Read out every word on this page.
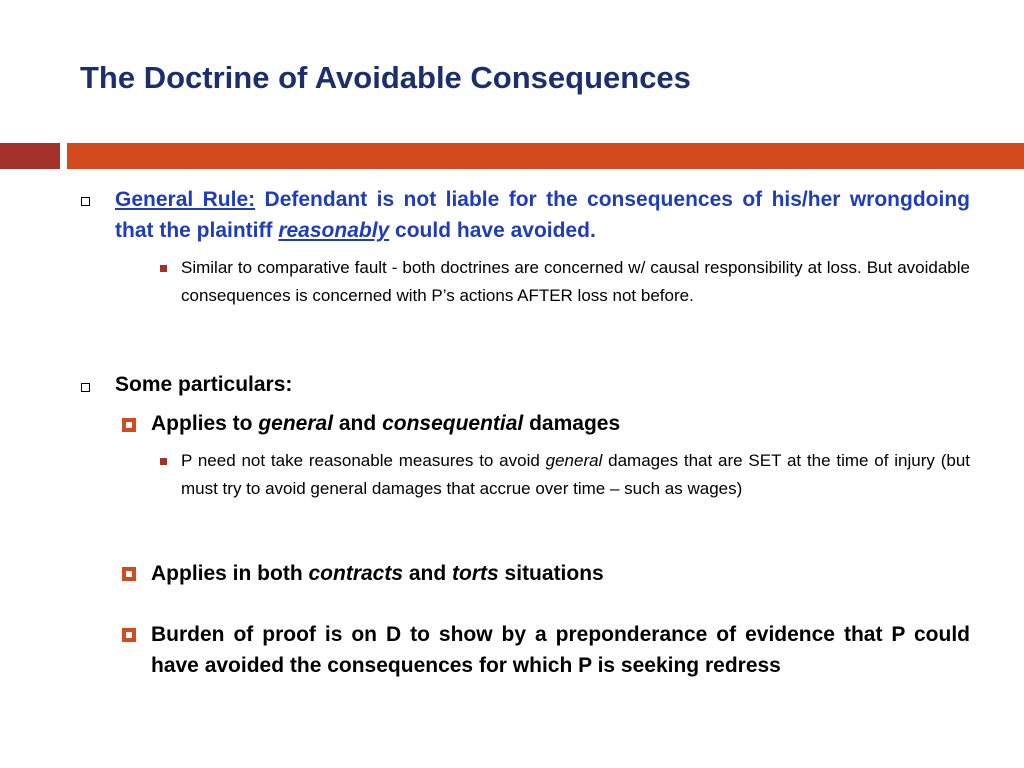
The Doctrine of Avoidable Consequences
General Rule: Defendant is not liable for the consequences of his/her wrongdoing that the plaintiff reasonably could have avoided.
Similar to comparative fault - both doctrines are concerned w/ causal responsibility at loss. But avoidable consequences is concerned with P’s actions AFTER loss not before.
Some particulars:
Applies to general and consequential damages
P need not take reasonable measures to avoid general damages that are SET at the time of injury (but must try to avoid general damages that accrue over time – such as wages)
Applies in both contracts and torts situations
Burden of proof is on D to show by a preponderance of evidence that P could have avoided the consequences for which P is seeking redress
